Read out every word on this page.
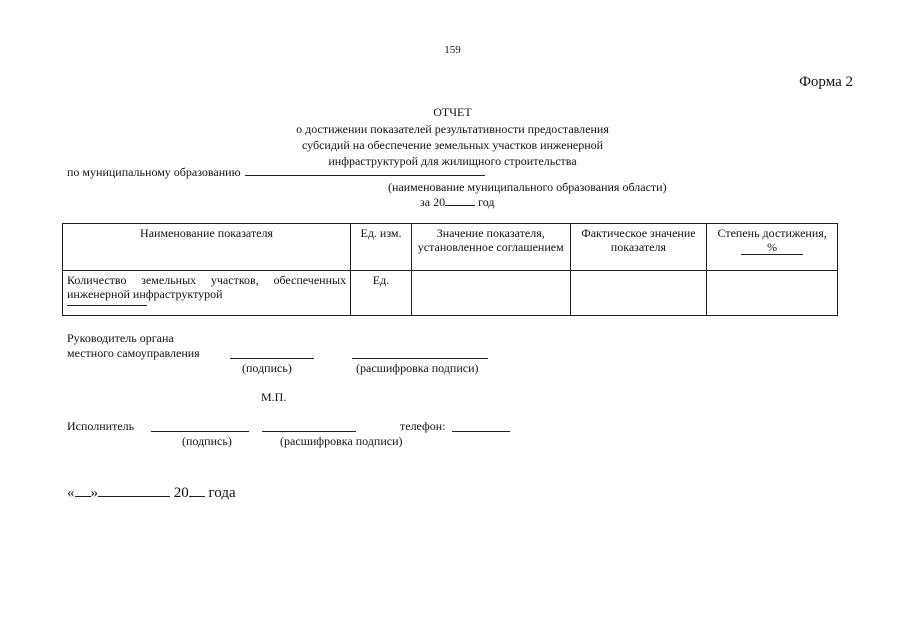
159
Форма 2
ОТЧЕТ
о достижении показателей результативности предоставления
субсидий на обеспечение земельных участков инженерной
инфраструктурой для жилищного строительства
по муниципальному образованию
(наименование муниципального образования области)
за 20	год
Наименование показателя	Ед. изм.	Значение показателя, установленное соглашением	Фактическое значение показателя	Степень достижения,
%

Количество земельных участков, обеспеченных инженерной инфраструктурой	Ед.			
Руководитель органа
местного самоуправления
(подпись)	(расшифровка подписи)
М.П.
Исполнитель	телефон:
(подпись)	(расшифровка подписи)
« »	20 года
